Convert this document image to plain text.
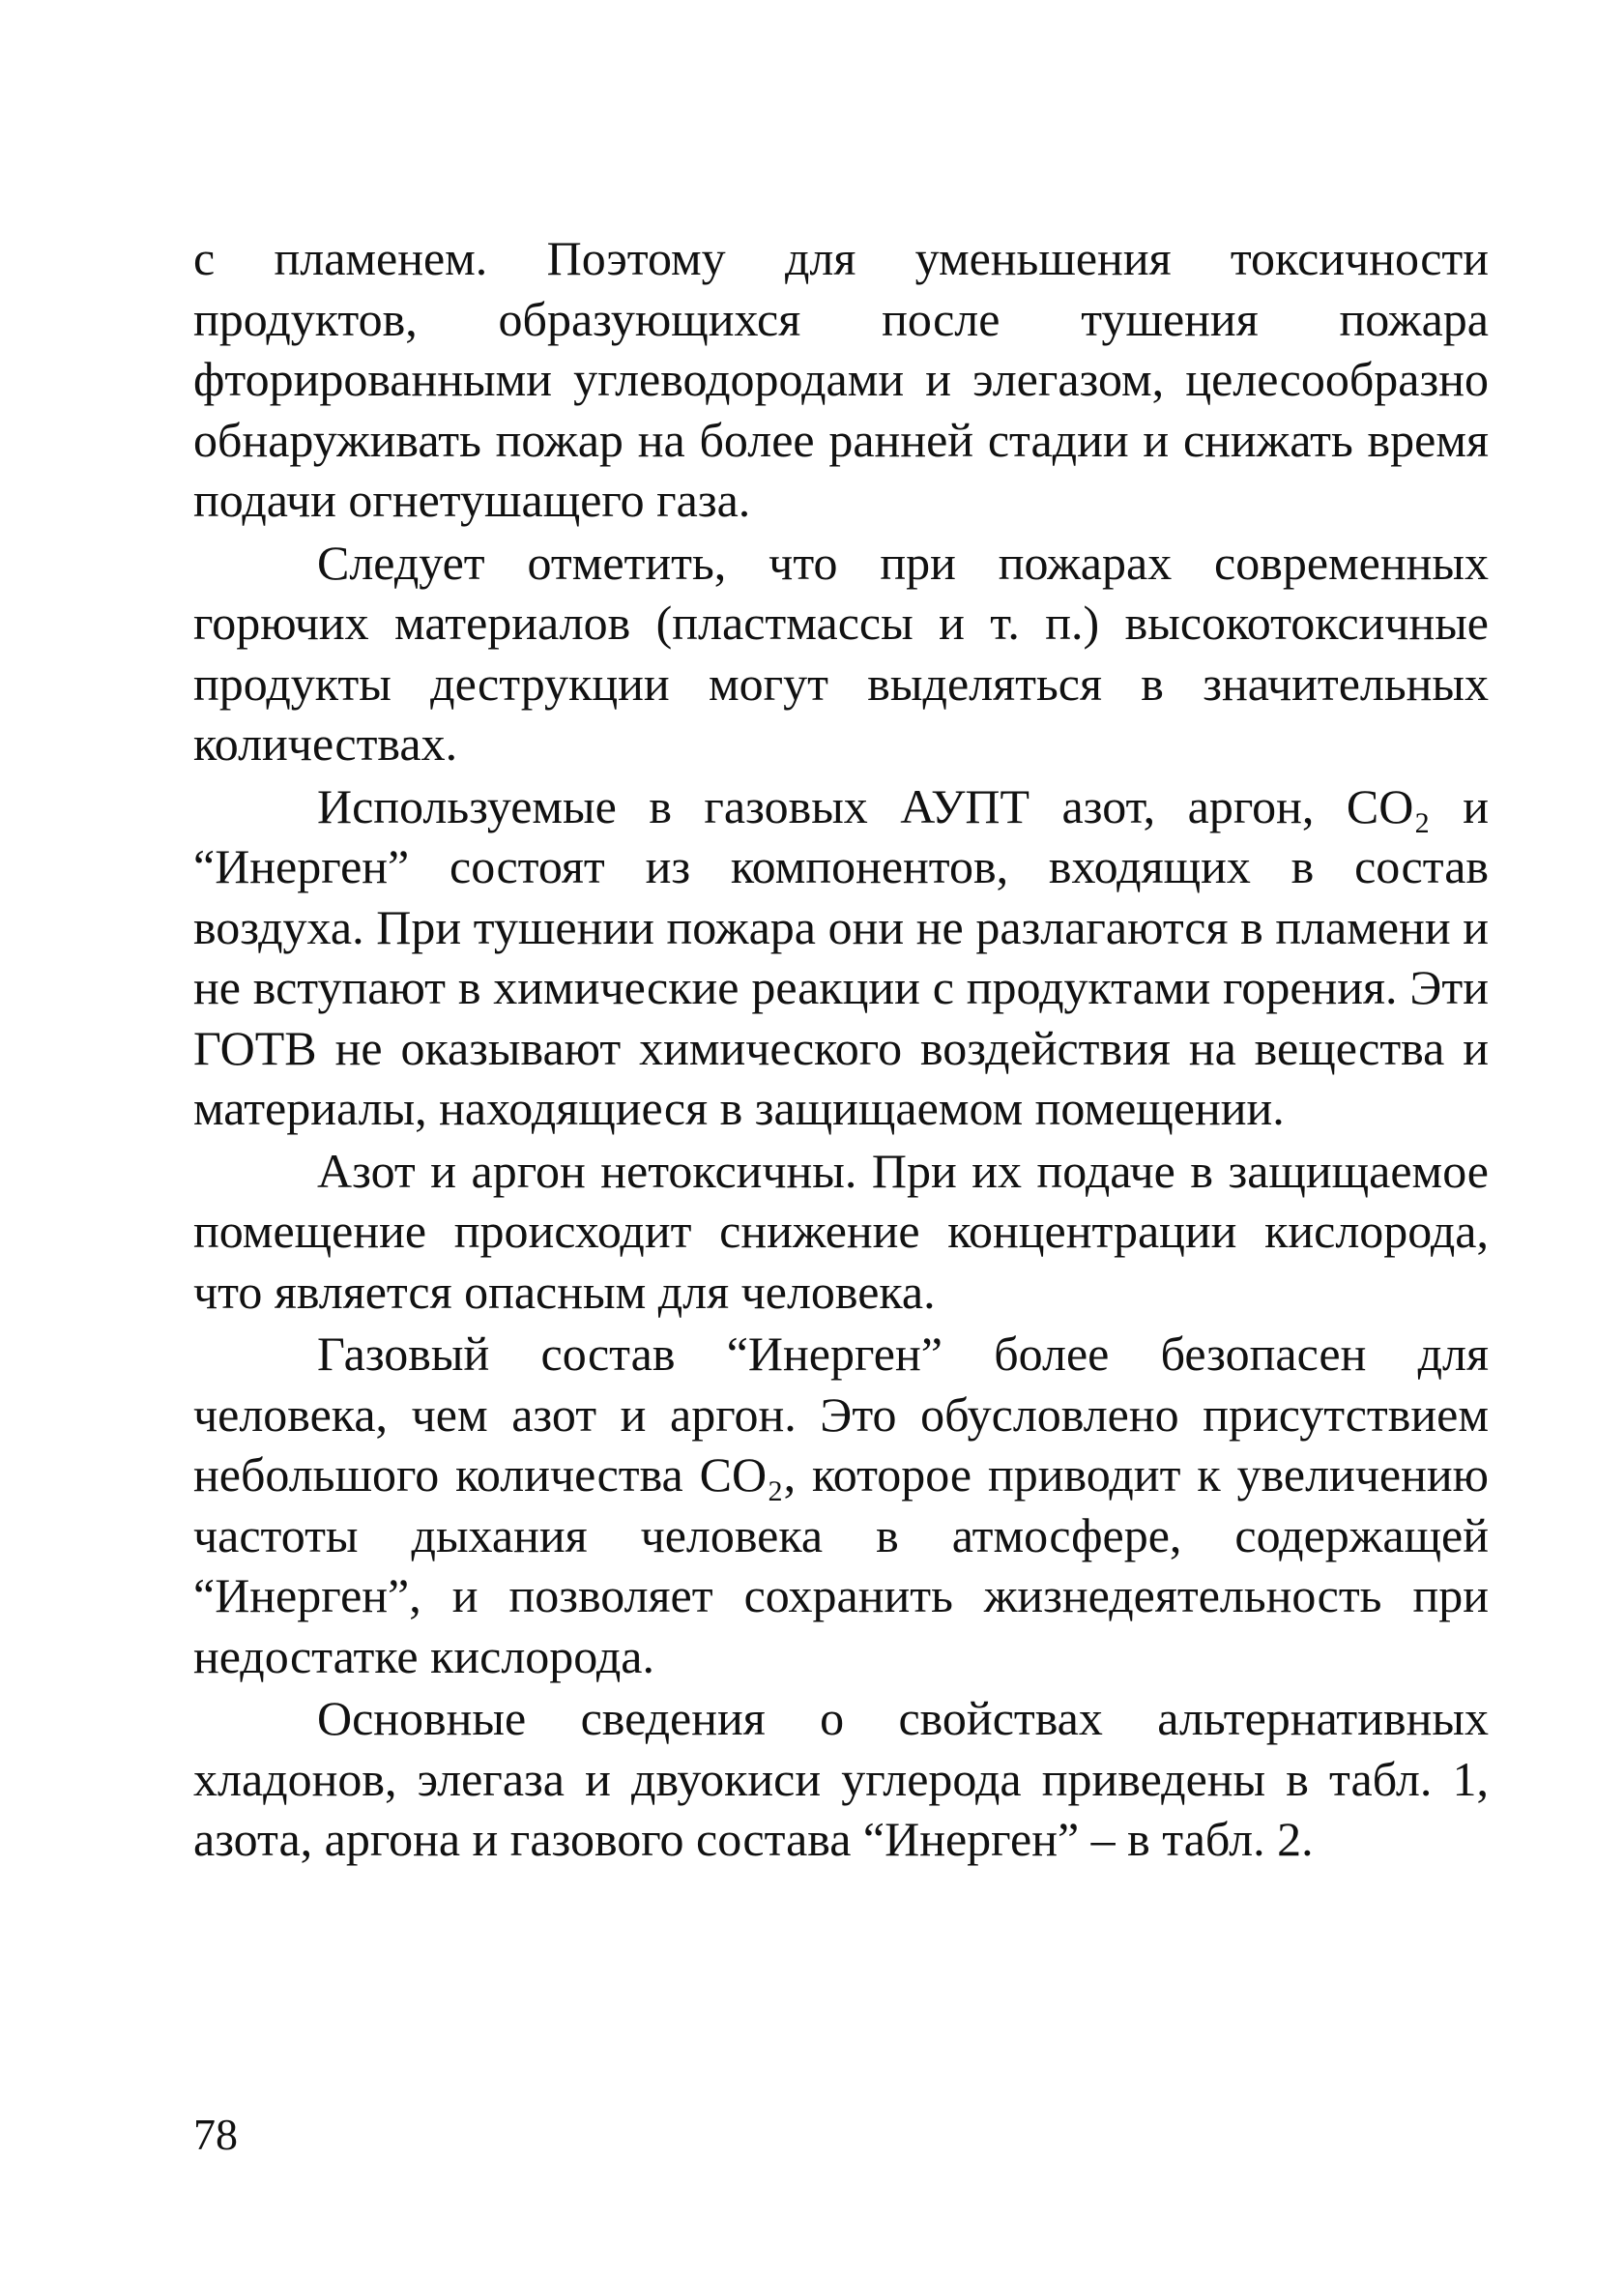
с пламенем. Поэтому для уменьшения токсичности продуктов, образующихся после тушения пожара фторированными углеводородами и элегазом, целесообразно обнаруживать пожар на более ранней стадии и снижать время подачи огнетушащего газа.

Следует отметить, что при пожарах современных горючих материалов (пластмассы и т. п.) высокотоксичные продукты деструкции могут выделяться в значительных количествах.

Используемые в газовых АУПТ азот, аргон, CO₂ и “Инерген” состоят из компонентов, входящих в состав воздуха. При тушении пожара они не разлагаются в пламени и не вступают в химические реакции с продуктами горения. Эти ГОТВ не оказывают химического воздействия на вещества и материалы, находящиеся в защищаемом помещении.

Азот и аргон нетоксичны. При их подаче в защищаемое помещение происходит снижение концентрации кислорода, что является опасным для человека.

Газовый состав “Инерген” более безопасен для человека, чем азот и аргон. Это обусловлено присутствием небольшого количества CO₂, которое приводит к увеличению частоты дыхания человека в атмосфере, содержащей “Инерген”, и позволяет сохранить жизнедеятельность при недостатке кислорода.

Основные сведения о свойствах альтернативных хладонов, элегаза и двуокиси углерода приведены в табл. 1, азота, аргона и газового состава “Инерген” – в табл. 2.

78
